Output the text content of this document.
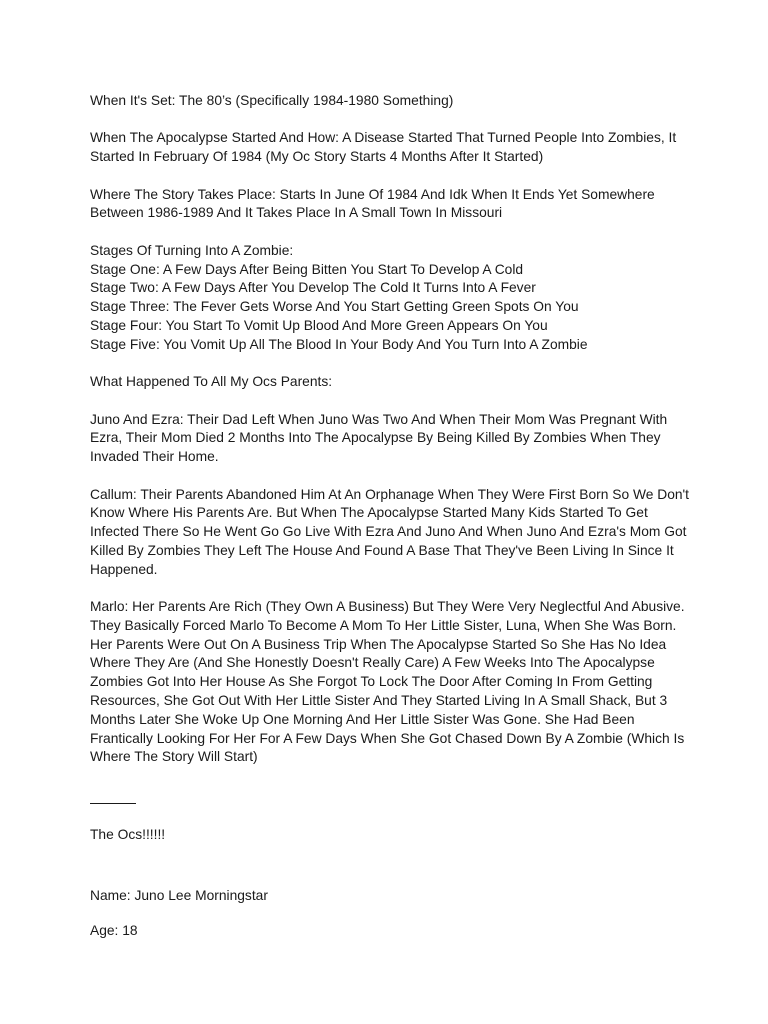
When It's Set: The 80’s (Specifically 1984-1980 Something)

When The Apocalypse Started And How: A Disease Started That Turned People Into Zombies, It Started In February Of 1984 (My Oc Story Starts 4 Months After It Started)

Where The Story Takes Place: Starts In June Of 1984 And Idk When It Ends Yet Somewhere Between 1986-1989 And It Takes Place In A Small Town In Missouri

Stages Of Turning Into A Zombie:

Stage One: A Few Days After Being Bitten You Start To Develop A Cold

Stage Two: A Few Days After You Develop The Cold It Turns Into A Fever

Stage Three: The Fever Gets Worse And You Start Getting Green Spots On You

Stage Four: You Start To Vomit Up Blood And More Green Appears On You

Stage Five: You Vomit Up All The Blood In Your Body And You Turn Into A Zombie

What Happened To All My Ocs Parents:

Juno And Ezra: Their Dad Left When Juno Was Two And When Their Mom Was Pregnant With Ezra, Their Mom Died 2 Months Into The Apocalypse By Being Killed By Zombies When They Invaded Their Home.

Callum: Their Parents Abandoned Him At An Orphanage When They Were First Born So We Don't Know Where His Parents Are. But When The Apocalypse Started Many Kids Started To Get Infected There So He Went Go Go Live With Ezra And Juno And When Juno And Ezra's Mom Got Killed By Zombies They Left The House And Found A Base That They've Been Living In Since It Happened.

Marlo: Her Parents Are Rich (They Own A Business) But They Were Very Neglectful And Abusive. They Basically Forced Marlo To Become A Mom To Her Little Sister, Luna, When She Was Born. Her Parents Were Out On A Business Trip When The Apocalypse Started So She Has No Idea Where They Are (And She Honestly Doesn't Really Care) A Few Weeks Into The Apocalypse Zombies Got Into Her House As She Forgot To Lock The Door After Coming In From Getting Resources, She Got Out With Her Little Sister And They Started Living In A Small Shack, But 3 Months Later She Woke Up One Morning And Her Little Sister Was Gone. She Had Been Frantically Looking For Her For A Few Days When She Got Chased Down By A Zombie (Which Is Where The Story Will Start)

The Ocs!!!!!!

Name: Juno Lee Morningstar

Age: 18
